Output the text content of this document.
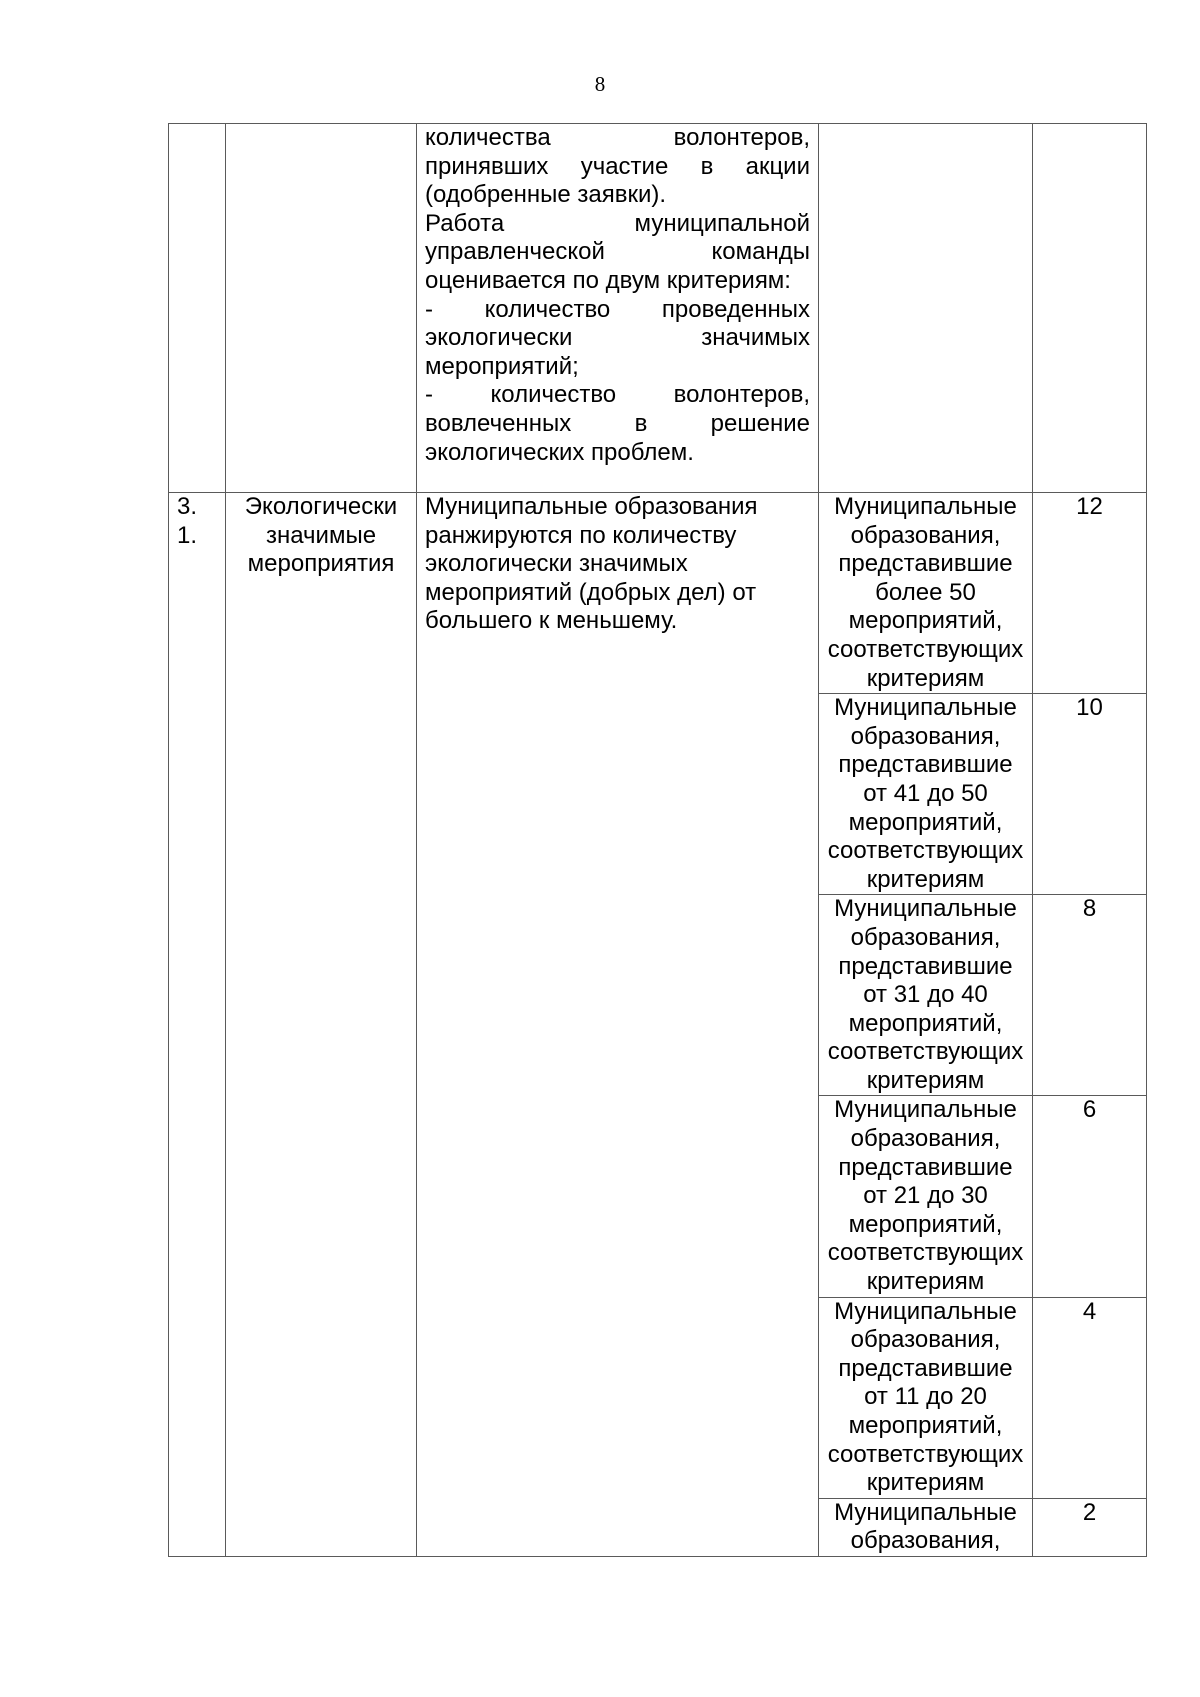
8

		количества волонтеров, принявших участие в акции (одобренные заявки).

Работа муниципальной управленческой команды оценивается по двум критериям:

- количество проведенных экологически значимых мероприятий;

- количество волонтеров, вовлеченных в решение экологических проблем.		

3. 1.	Экологически значимые мероприятия	Муниципальные образования ранжируются по количеству экологически значимых мероприятий (добрых дел) от большего к меньшему.	Муниципальные образования, представившие более 50 мероприятий, соответствующих критериям	12
			Муниципальные образования, представившие от 41 до 50 мероприятий, соответствующих критериям	10
			Муниципальные образования, представившие от 31 до 40 мероприятий, соответствующих критериям	8
			Муниципальные образования, представившие от 21 до 30 мероприятий, соответствующих критериям	6
			Муниципальные образования, представившие от 11 до 20 мероприятий, соответствующих критериям	4
			Муниципальные образования,	2
